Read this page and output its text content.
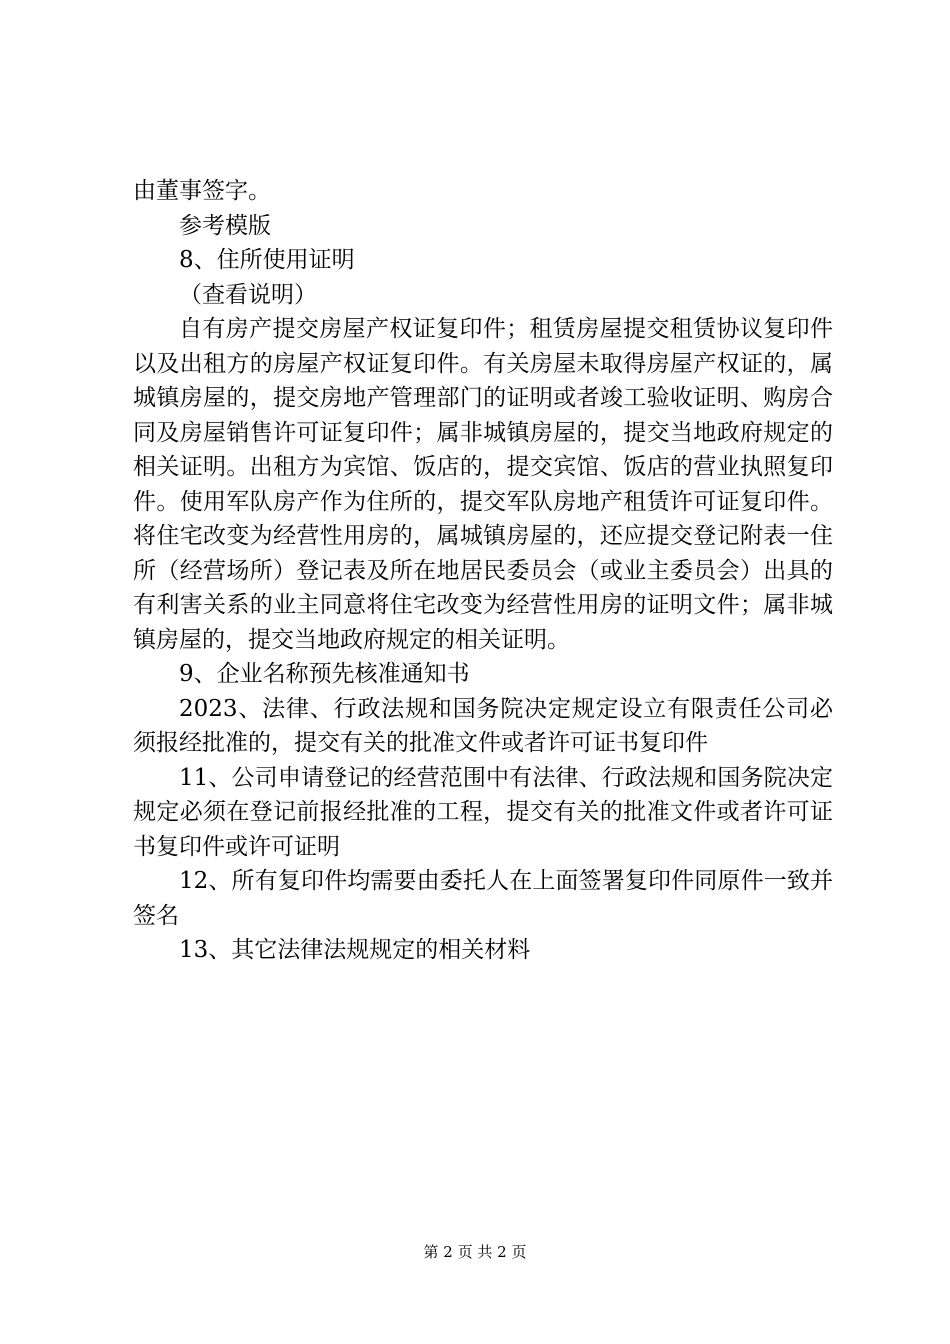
由董事签字。

参考模版

8、住所使用证明

（查看说明）

自有房产提交房屋产权证复印件；租赁房屋提交租赁协议复印件以及出租方的房屋产权证复印件。有关房屋未取得房屋产权证的，属城镇房屋的，提交房地产管理部门的证明或者竣工验收证明、购房合同及房屋销售许可证复印件；属非城镇房屋的，提交当地政府规定的相关证明。出租方为宾馆、饭店的，提交宾馆、饭店的营业执照复印件。使用军队房产作为住所的，提交军队房地产租赁许可证复印件。将住宅改变为经营性用房的，属城镇房屋的，还应提交登记附表一住所（经营场所）登记表及所在地居民委员会（或业主委员会）出具的有利害关系的业主同意将住宅改变为经营性用房的证明文件；属非城镇房屋的，提交当地政府规定的相关证明。

9、企业名称预先核准通知书

2023、法律、行政法规和国务院决定规定设立有限责任公司必须报经批准的，提交有关的批准文件或者许可证书复印件

11、公司申请登记的经营范围中有法律、行政法规和国务院决定规定必须在登记前报经批准的工程，提交有关的批准文件或者许可证书复印件或许可证明

12、所有复印件均需要由委托人在上面签署复印件同原件一致并签名

13、其它法律法规规定的相关材料

第 2 页 共 2 页
